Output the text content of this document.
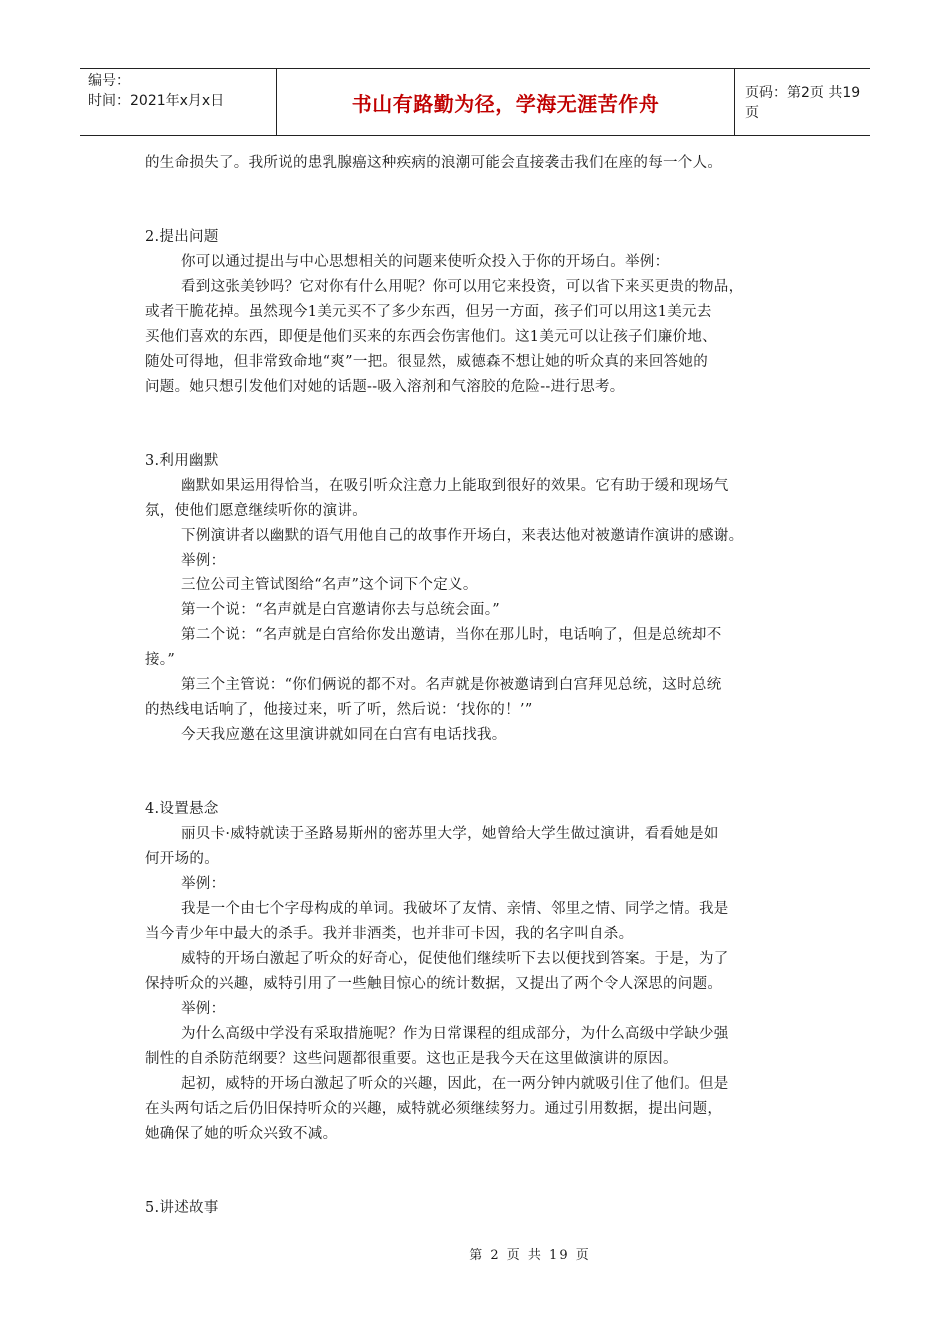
编号：
时间：2021年x月x日	书山有路勤为径，学海无涯苦作舟	页码：第2页 共19页
的生命损失了。我所说的患乳腺癌这种疾病的浪潮可能会直接袭击我们在座的每一个人。
2.提出问题
你可以通过提出与中心思想相关的问题来使听众投入于你的开场白。举例：
看到这张美钞吗？它对你有什么用呢？你可以用它来投资，可以省下来买更贵的物品，
或者干脆花掉。虽然现今1美元买不了多少东西，但另一方面，孩子们可以用这1美元去
买他们喜欢的东西，即便是他们买来的东西会伤害他们。这1美元可以让孩子们廉价地、
随处可得地，但非常致命地“爽”一把。很显然，威德森不想让她的听众真的来回答她的
问题。她只想引发他们对她的话题--吸入溶剂和气溶胶的危险--进行思考。
3.利用幽默
幽默如果运用得恰当，在吸引听众注意力上能取到很好的效果。它有助于缓和现场气
氛，使他们愿意继续听你的演讲。
下例演讲者以幽默的语气用他自己的故事作开场白，来表达他对被邀请作演讲的感谢。
举例：
三位公司主管试图给“名声”这个词下个定义。
第一个说：“名声就是白宫邀请你去与总统会面。”
第二个说：“名声就是白宫给你发出邀请，当你在那儿时，电话响了，但是总统却不
接。”
第三个主管说：“你们俩说的都不对。名声就是你被邀请到白宫拜见总统，这时总统
的热线电话响了，他接过来，听了听，然后说：‘找你的！’”
今天我应邀在这里演讲就如同在白宫有电话找我。
4.设置悬念
丽贝卡·威特就读于圣路易斯州的密苏里大学，她曾给大学生做过演讲，看看她是如
何开场的。
举例：
我是一个由七个字母构成的单词。我破坏了友情、亲情、邻里之情、同学之情。我是
当今青少年中最大的杀手。我并非酒类，也并非可卡因，我的名字叫自杀。
威特的开场白激起了听众的好奇心，促使他们继续听下去以便找到答案。于是，为了
保持听众的兴趣，威特引用了一些触目惊心的统计数据，又提出了两个令人深思的问题。
举例：
为什么高级中学没有采取措施呢？作为日常课程的组成部分，为什么高级中学缺少强
制性的自杀防范纲要？这些问题都很重要。这也正是我今天在这里做演讲的原因。
起初，威特的开场白激起了听众的兴趣，因此，在一两分钟内就吸引住了他们。但是
在头两句话之后仍旧保持听众的兴趣，威特就必须继续努力。通过引用数据，提出问题，
她确保了她的听众兴致不减。
5.讲述故事
第 2 页 共 19 页
